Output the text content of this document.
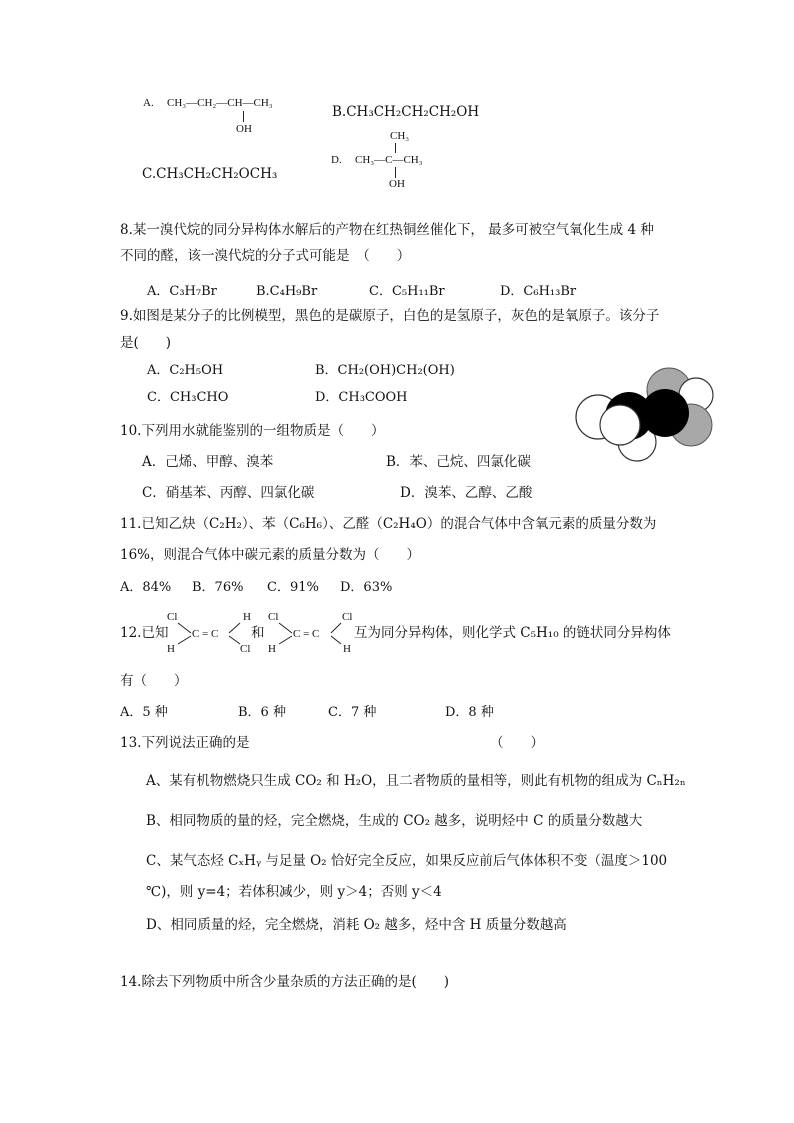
A. CH₃—CH₂—CH—CH₃
OH
B.CH₃CH₂CH₂CH₂OH
D.
CH₃
CH₃—C—CH₃
OH
C.CH₃CH₂CH₂OCH₃
8.某一溴代烷的同分异构体水解后的产物在红热铜丝催化下， 最多可被空气氧化生成 4 种
不同的醛，该一溴代烷的分子式可能是　（　　）
A．C₃H₇Br	B.C₄H₉Br	C．C₅H₁₁Br	D．C₆H₁₃Br
9.如图是某分子的比例模型，黑色的是碳原子，白色的是氢原子，灰色的是氧原子。该分子
是(　　)
A．C₂H₅OH	B．CH₂(OH)CH₂(OH)
C．CH₃CHO	D．CH₃COOH
10.下列用水就能鉴别的一组物质是（　　）
A．己烯、甲醇、溴苯	B．苯、己烷、四氯化碳
C．硝基苯、丙醇、四氯化碳	D．溴苯、乙醇、乙酸
11.已知乙炔（C₂H₂）、苯（C₆H₆）、乙醛（C₂H₄O）的混合气体中含氧元素的质量分数为
16%，则混合气体中碳元素的质量分数为（　　）
A．84% B．76% C．91% D．63%
12.已知
Cl
H
C = C
H
Cl
和
Cl
H
C = C
Cl
H
互为同分异构体，则化学式 C₅H₁₀ 的链状同分异构体
有（　　）
A．5 种	B．6 种	C．7 种	D．8 种
13.下列说法正确的是	（　　）
A、某有机物燃烧只生成 CO₂ 和 H₂O，且二者物质的量相等，则此有机物的组成为 CₙH₂ₙ
B、相同物质的量的烃，完全燃烧，生成的 CO₂ 越多，说明烃中 C 的质量分数越大
C、某气态烃 CₓHᵧ 与足量 O₂ 恰好完全反应，如果反应前后气体体积不变（温度＞100
℃)，则 y=4；若体积减少，则 y＞4；否则 y＜4
D、相同质量的烃，完全燃烧，消耗 O₂ 越多，烃中含 H 质量分数越高
14.除去下列物质中所含少量杂质的方法正确的是(　　)
